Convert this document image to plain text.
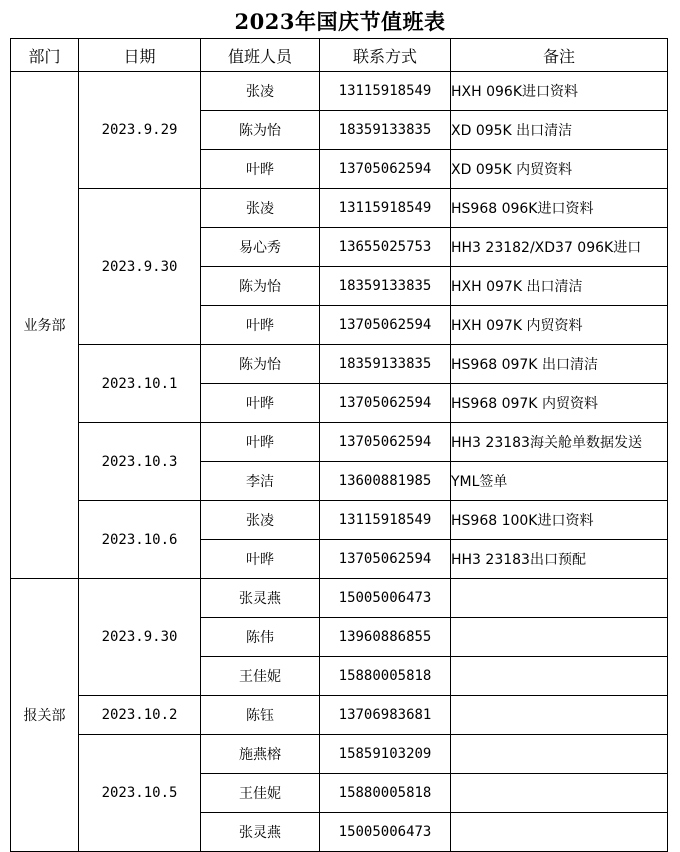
2023年国庆节值班表
部门	日期	值班人员	联系方式	备注
业务部	2023.9.29	张凌	13115918549	HXH 096K进口资料
		陈为怡	18359133835	XD 095K 出口清洁
		叶晔	13705062594	XD 095K 内贸资料
	2023.9.30	张凌	13115918549	HS968 096K进口资料
		易心秀	13655025753	HH3 23182/XD37 096K进口
		陈为怡	18359133835	HXH 097K 出口清洁
		叶晔	13705062594	HXH 097K 内贸资料
	2023.10.1	陈为怡	18359133835	HS968 097K 出口清洁
		叶晔	13705062594	HS968 097K 内贸资料
	2023.10.3	叶晔	13705062594	HH3 23183海关舱单数据发送
		李洁	13600881985	YML签单
	2023.10.6	张凌	13115918549	HS968 100K进口资料
		叶晔	13705062594	HH3 23183出口预配
报关部	2023.9.30	张灵燕	15005006473	
		陈伟	13960886855	
		王佳妮	15880005818	
	2023.10.2	陈钰	13706983681	
	2023.10.5	施燕榕	15859103209	
		王佳妮	15880005818	
		张灵燕	15005006473	
